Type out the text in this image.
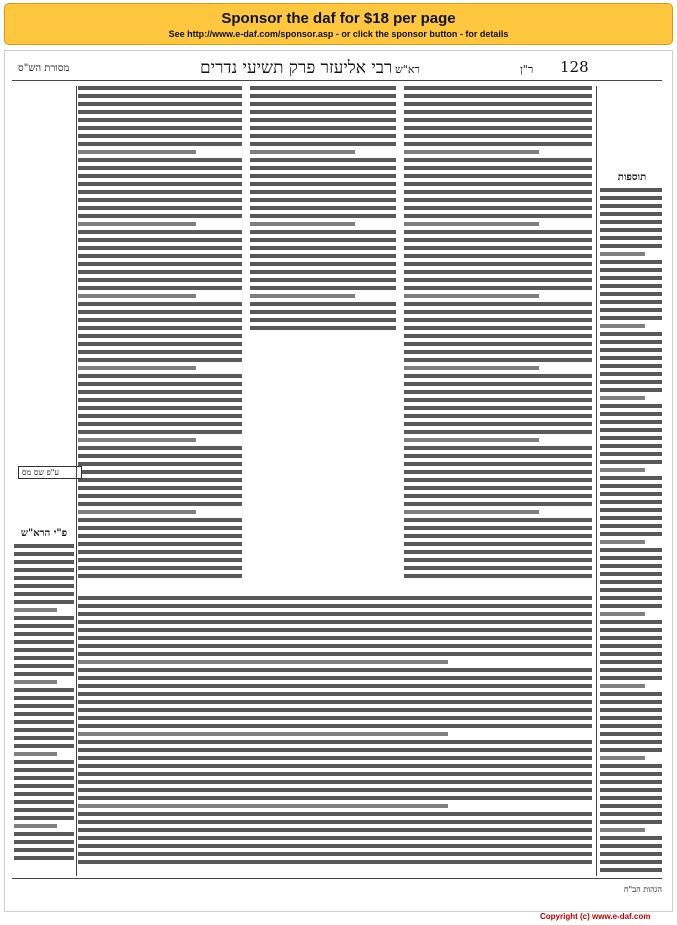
Sponsor the daf for $18 per page
See http://www.e-daf.com/sponsor.asp - or click the sponsor button - for details
מסורת הש"ס	רבי אליעזר פרק תשיעי נדרים רא"ש	ר"ן 128
תוספות
ע"פ שס מס
פ"י הרא"ש
הגהות הב"ח
Copyright (c) www.e-daf.com
